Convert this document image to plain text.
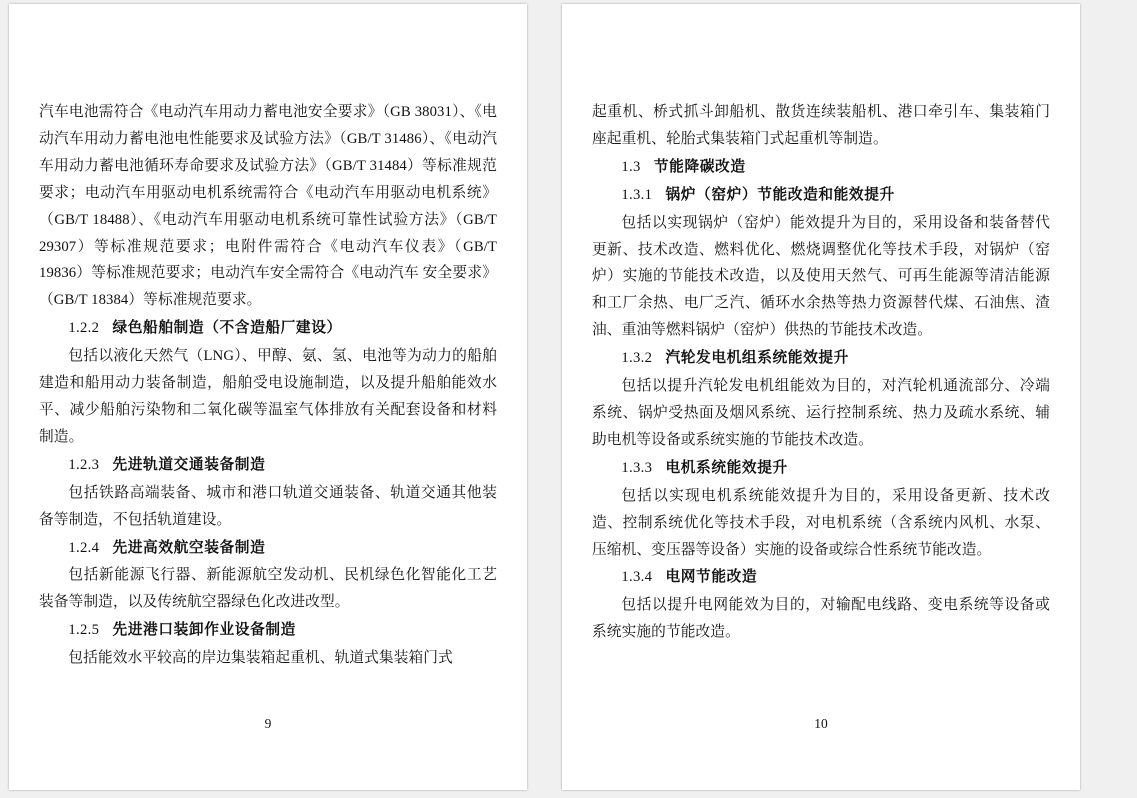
汽车电池需符合《电动汽车用动力蓄电池安全要求》（GB 38031）、《电动汽车用动力蓄电池电性能要求及试验方法》（GB/T 31486）、《电动汽车用动力蓄电池循环寿命要求及试验方法》（GB/T 31484）等标准规范要求；电动汽车用驱动电机系统需符合《电动汽车用驱动电机系统》（GB/T 18488）、《电动汽车用驱动电机系统可靠性试验方法》（GB/T 29307）等标准规范要求；电附件需符合《电动汽车仪表》（GB/T 19836）等标准规范要求；电动汽车安全需符合《电动汽车 安全要求》（GB/T 18384）等标准规范要求。

1.2.2 绿色船舶制造（不含造船厂建设）

包括以液化天然气（LNG）、甲醇、氨、氢、电池等为动力的船舶建造和船用动力装备制造，船舶受电设施制造，以及提升船舶能效水平、减少船舶污染物和二氧化碳等温室气体排放有关配套设备和材料制造。

1.2.3 先进轨道交通装备制造

包括铁路高端装备、城市和港口轨道交通装备、轨道交通其他装备等制造，不包括轨道建设。

1.2.4 先进高效航空装备制造

包括新能源飞行器、新能源航空发动机、民机绿色化智能化工艺装备等制造，以及传统航空器绿色化改进改型。

1.2.5 先进港口装卸作业设备制造

包括能效水平较高的岸边集装箱起重机、轨道式集装箱门式

9

起重机、桥式抓斗卸船机、散货连续装船机、港口牵引车、集装箱门座起重机、轮胎式集装箱门式起重机等制造。

1.3 节能降碳改造

1.3.1 锅炉（窑炉）节能改造和能效提升

包括以实现锅炉（窑炉）能效提升为目的，采用设备和装备替代更新、技术改造、燃料优化、燃烧调整优化等技术手段，对锅炉（窑炉）实施的节能技术改造，以及使用天然气、可再生能源等清洁能源和工厂余热、电厂乏汽、循环水余热等热力资源替代煤、石油焦、渣油、重油等燃料锅炉（窑炉）供热的节能技术改造。

1.3.2 汽轮发电机组系统能效提升

包括以提升汽轮发电机组能效为目的，对汽轮机通流部分、冷端系统、锅炉受热面及烟风系统、运行控制系统、热力及疏水系统、辅助电机等设备或系统实施的节能技术改造。

1.3.3 电机系统能效提升

包括以实现电机系统能效提升为目的，采用设备更新、技术改造、控制系统优化等技术手段，对电机系统（含系统内风机、水泵、压缩机、变压器等设备）实施的设备或综合性系统节能改造。

1.3.4 电网节能改造

包括以提升电网能效为目的，对输配电线路、变电系统等设备或系统实施的节能改造。

10
